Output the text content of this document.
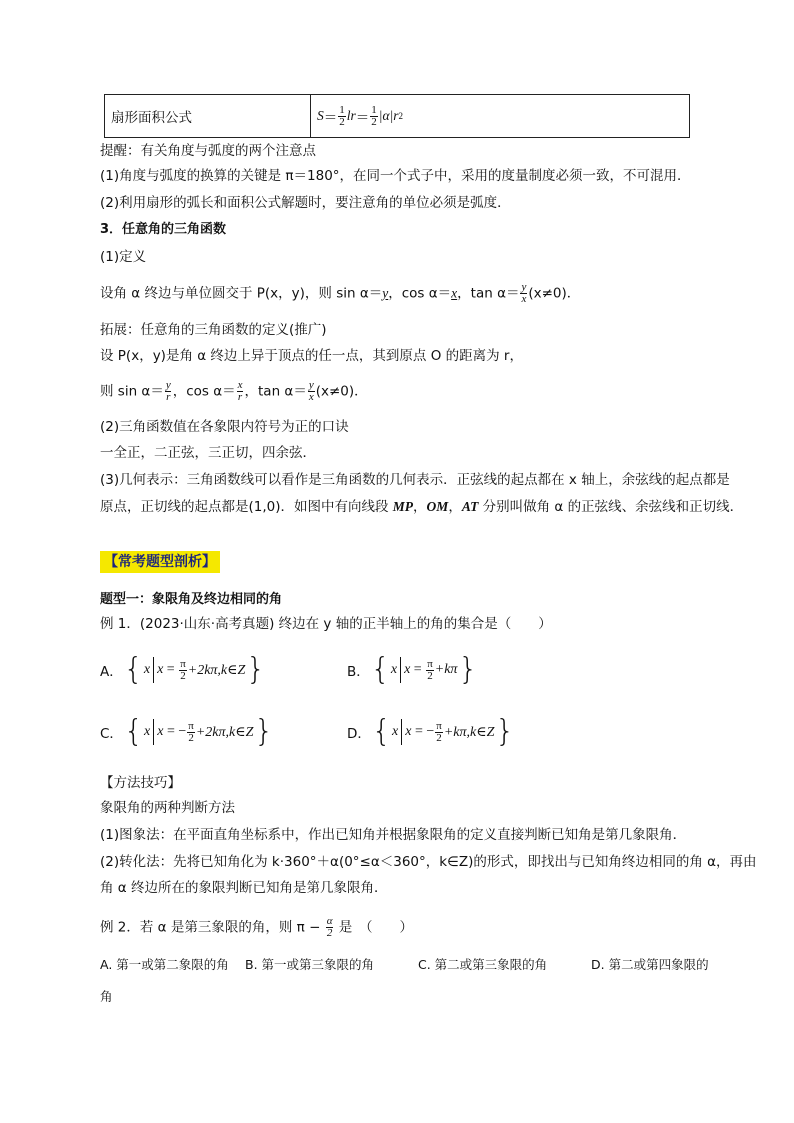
扇形面积公式	$S = \frac{1}{2}$ lr ＝ $\frac{1}{2} |\alpha|r$ 2
提醒：有关角度与弧度的两个注意点
(1)角度与弧度的换算的关键是 π＝180°，在同一个式子中，采用的度量制度必须一致，不可混用．
(2)利用扇形的弧长和面积公式解题时，要注意角的单位必须是弧度．
3．任意角的三角函数
(1)定义
设角 α 终边与单位圆交于 P(x，y)，则 sin α＝y，cos α＝x，$\tan \alpha= \frac{y}{x} (x\ne 0)$．
拓展：任意角的三角函数的定义(推广)
设 P(x，y)是角 α 终边上异于顶点的任一点，其到原点 O 的距离为 r，
则 $\sin \alpha= \frac{y}{r}$ ，$\cos \alpha= \frac{x}{r}$ ，$\tan \alpha= \frac{y}{x} (x\ne 0)$．
(2)三角函数值在各象限内符号为正的口诀
一全正，二正弦，三正切，四余弦．
(3)几何表示：三角函数线可以看作是三角函数的几何表示．正弦线的起点都在 x 轴上，余弦线的起点都是
原点，正切线的起点都是(1,0)．如图中有向线段 MP，OM，AT 分别叫做角 α 的正弦线、余弦线和正切线．
【常考题型剖析】
题型一：象限角及终边相同的角
例 1．(2023·山东·高考真题) 终边在 y 轴的正半轴上的角的集合是（　　）
A． { x x
=
$\frac{\pi}{2}$ +2kπ,k∈Z }	B． { x x
=
$\frac{\pi}{2} +k\pi$ }
C． { x x
=
− $\frac{\pi}{2}$ +2kπ,k∈Z }	D． { x x
=
− $\frac{\pi}{2}$ +kπ,k∈Z }
【方法技巧】
象限角的两种判断方法
(1)图象法：在平面直角坐标系中，作出已知角并根据象限角的定义直接判断已知角是第几象限角．
(2)转化法：先将已知角化为 k·360°＋α(0°≤α＜360°，k∈Z)的形式，即找出与已知角终边相同的角 α，再由
角 α 终边所在的象限判断已知角是第几象限角．
例 2．若 α 是第三象限的角，则 $\pi - \frac{\alpha}{2}$ 是　（　　）
A. 第一或第二象限的角 B. 第一或第三象限的角	C. 第二或第三象限的角	D. 第二或第四象限的
角
